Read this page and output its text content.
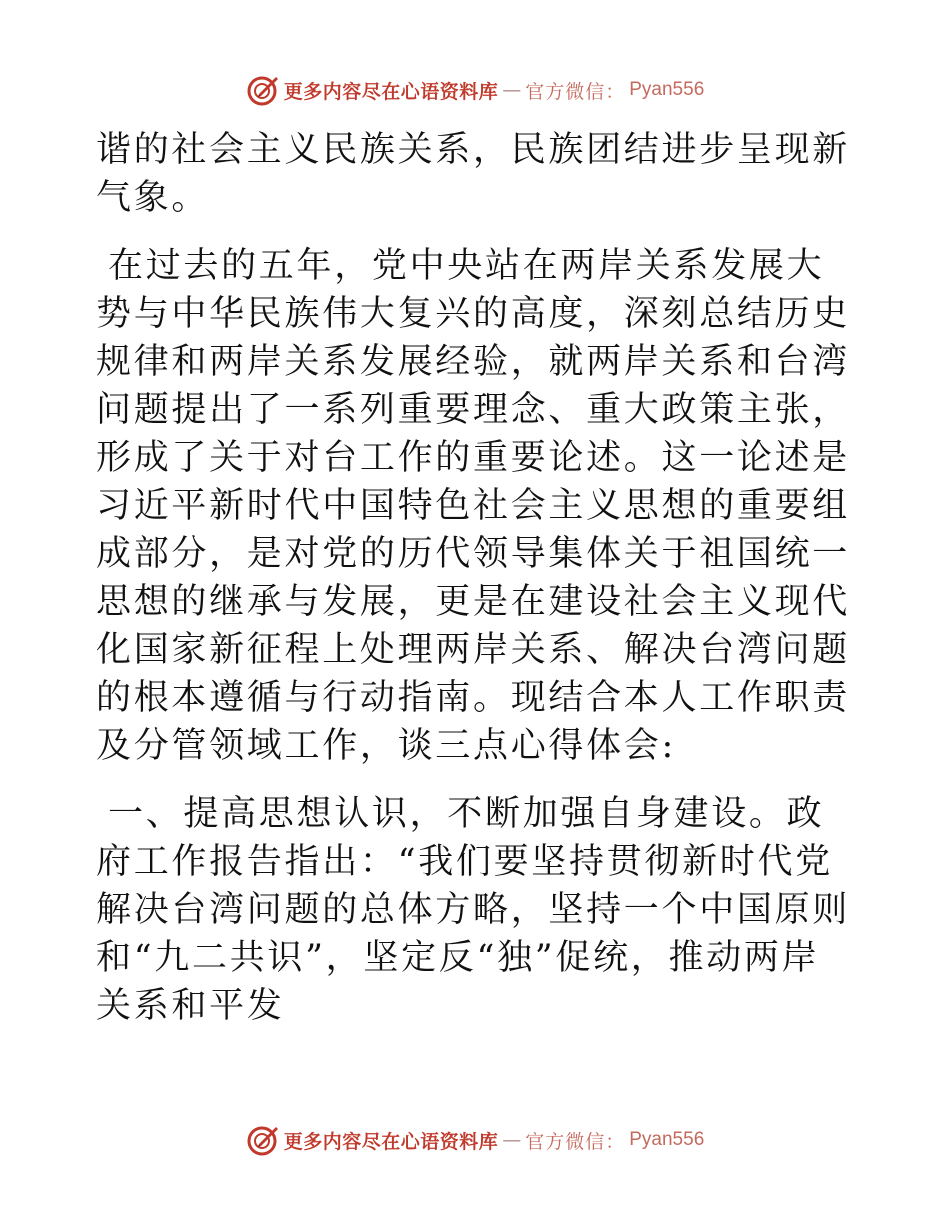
更多内容尽在心语资料库 — 官方微信： Pyan556

谐的社会主义民族关系，民族团结进步呈现新气象。

在过去的五年，党中央站在两岸关系发展大势与中华民族伟大复兴的高度，深刻总结历史规律和两岸关系发展经验，就两岸关系和台湾问题提出了一系列重要理念、重大政策主张，形成了关于对台工作的重要论述。这一论述是习近平新时代中国特色社会主义思想的重要组成部分，是对党的历代领导集体关于祖国统一思想的继承与发展，更是在建设社会主义现代化国家新征程上处理两岸关系、解决台湾问题的根本遵循与行动指南。现结合本人工作职责及分管领域工作，谈三点心得体会:

一、提高思想认识，不断加强自身建设。政府工作报告指出：“我们要坚持贯彻新时代党解决台湾问题的总体方略，坚持一个中国原则和“九二共识”，坚定反“独”促统，推动两岸关系和平发

更多内容尽在心语资料库 — 官方微信： Pyan556
